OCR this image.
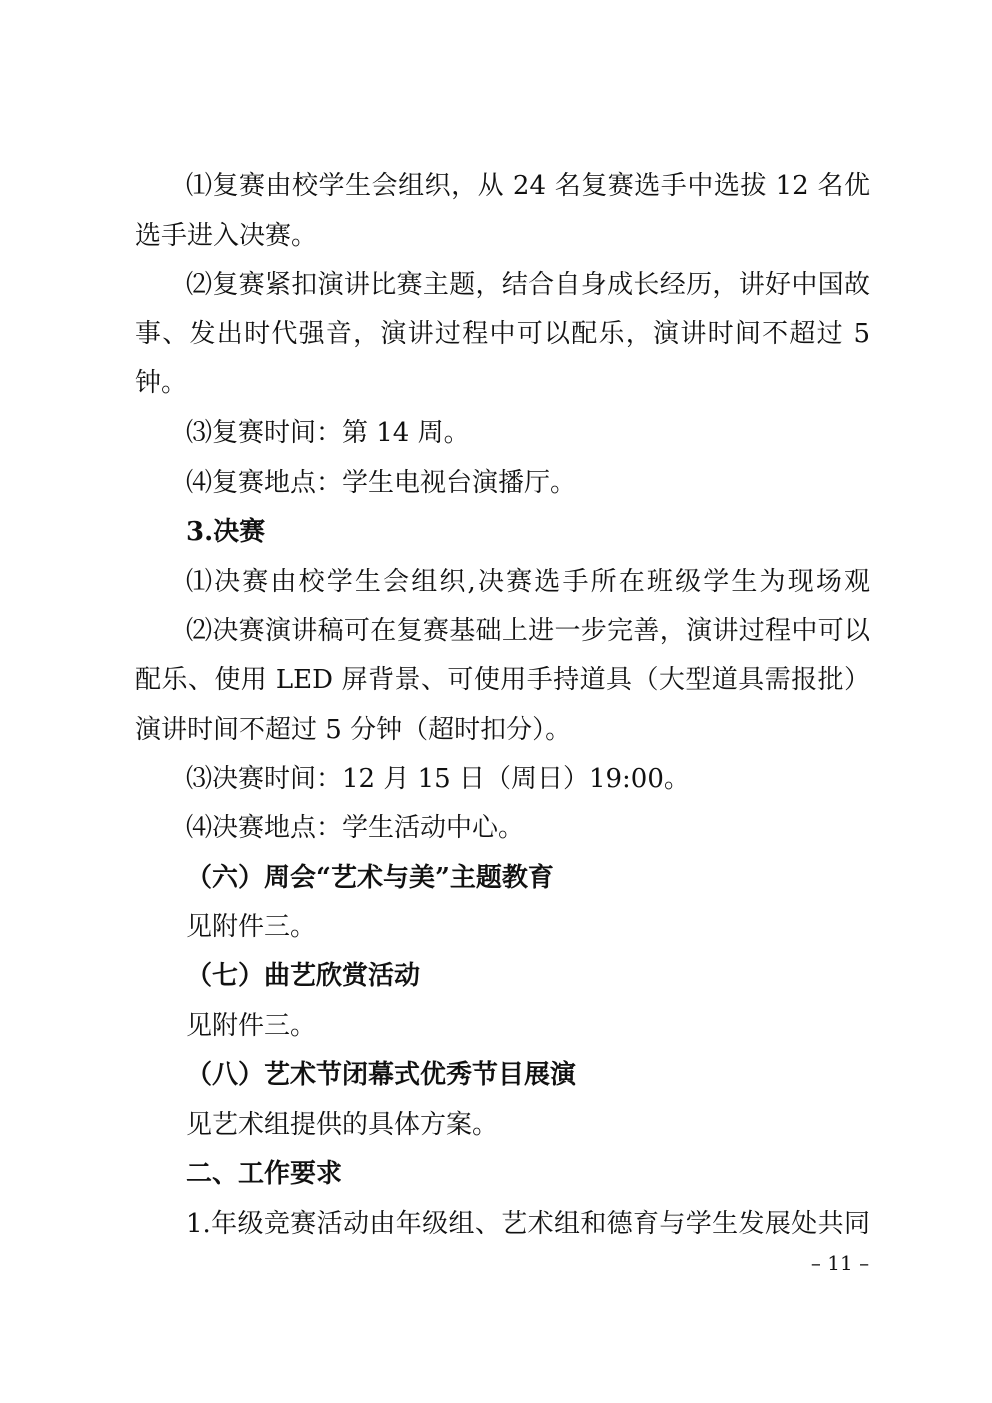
⑴复赛由校学生会组织，从 24 名复赛选手中选拔 12 名优
选手进入决赛。
⑵复赛紧扣演讲比赛主题，结合自身成长经历，讲好中国故
事、发出时代强音，演讲过程中可以配乐，演讲时间不超过 5
钟。
⑶复赛时间：第 14 周。
⑷复赛地点：学生电视台演播厅。
3.决赛
⑴决赛由校学生会组织,决赛选手所在班级学生为现场观
⑵决赛演讲稿可在复赛基础上进一步完善，演讲过程中可以
配乐、使用 LED 屏背景、可使用手持道具（大型道具需报批）
演讲时间不超过 5 分钟（超时扣分）。
⑶决赛时间：12 月 15 日（周日）19:00。
⑷决赛地点：学生活动中心。
（六）周会“艺术与美”主题教育
见附件三。
（七）曲艺欣赏活动
见附件三。
（八）艺术节闭幕式优秀节目展演
见艺术组提供的具体方案。
二、工作要求
1.年级竞赛活动由年级组、艺术组和德育与学生发展处共同
– 11 –
